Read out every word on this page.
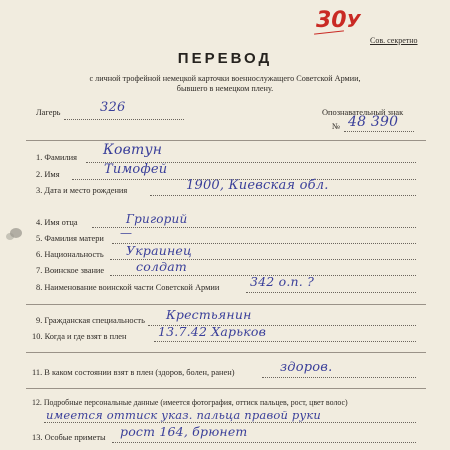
30У
Сов. секретно
ПЕРЕВОД
с личной трофейной немецкой карточки военнослужащего Советской Армии,
бывшего в немецком плену.
Лагерь	326	Опознавательный знак
№ 48 390
1. Фамилия Ковтун
2. Имя	Тимофей
3. Дата и место рождения	1900, Киевская обл.
4. Имя отца	Григорий
5. Фамилия матери —
6. Национальность Украинец
7. Воинское звание	солдат
8. Наименование воинской части Советской Армии 342 о.п. ?
9. Гражданская специальность Крестьянин
10. Когда и где взят в плен	13.7.42 Харьков
11. В каком состоянии взят в плен (здоров, болен, ранен)	здоров.
12. Подробные персональные данные (имеется фотография, оттиск пальцев, рост, цвет волос)
имеется оттиск указ. пальца правой руки
13. Особые приметы рост 164, брюнет
